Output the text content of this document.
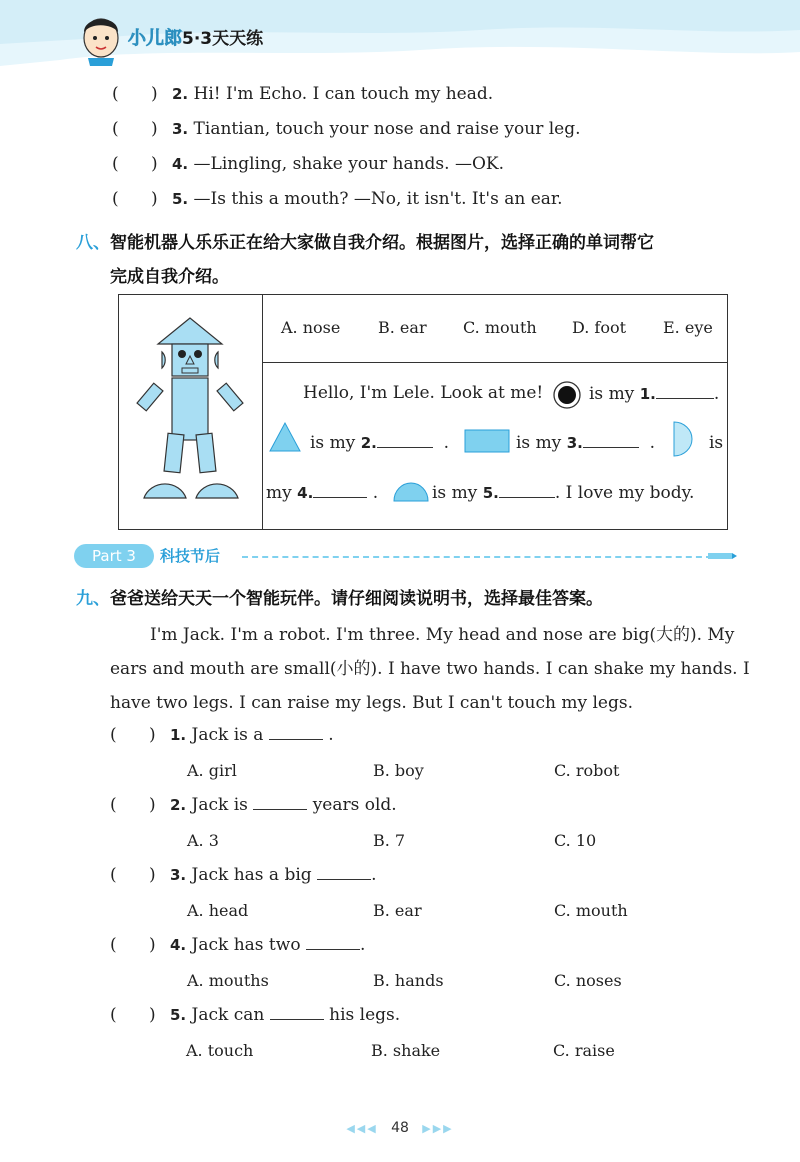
小儿郎5·3天天练
(      ) 2. Hi! I'm Echo. I can touch my head.
(      ) 3. Tiantian, touch your nose and raise your leg.
(      ) 4. —Lingling, shake your hands. —OK.
(      ) 5. —Is this a mouth? —No, it isn't. It's an ear.
八、智能机器人乐乐正在给大家做自我介绍。根据图片，选择正确的单词帮它
完成自我介绍。
A. nose B. ear C. mouth D. foot E. eye
Hello, I'm Lele. Look at me!	is my 1.	.
is my 2.	.	is my 3.	.	is
my 4.	.	is my 5.	. I love my body.
Part 3	科技节后
九、爸爸送给天天一个智能玩伴。请仔细阅读说明书，选择最佳答案。
I'm Jack. I'm a robot. I'm three. My head and nose are big(大的). My
ears and mouth are small(小的). I have two hands. I can shake my hands. I
have two legs. I can raise my legs. But I can't touch my legs.
(      ) 1. Jack is a	.
A. girl	B. boy	C. robot
(      ) 2. Jack is	years old.
A. 3	B. 7	C. 10
(      ) 3. Jack has a big	.
A. head	B. ear	C. mouth
(      ) 4. Jack has two	.
A. mouths	B. hands	C. noses
(      ) 5. Jack can	his legs.
A. touch	B. shake	C. raise
◀◀◀ 48 ▶▶▶
